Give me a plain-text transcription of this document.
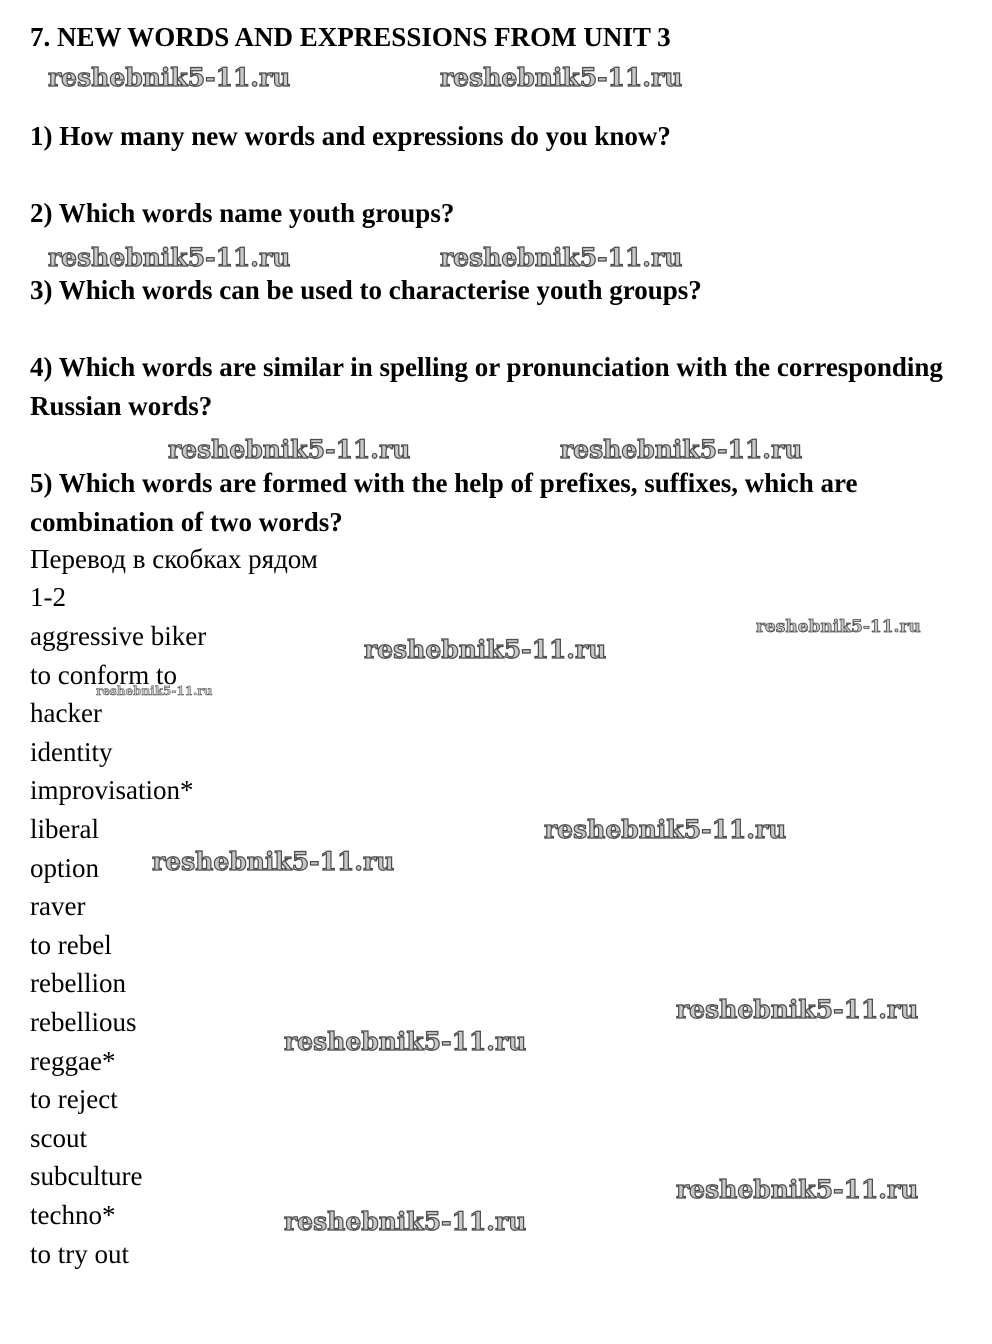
7. NEW WORDS AND EXPRESSIONS FROM UNIT 3
1) How many new words and expressions do you know?
2) Which words name youth groups?
3) Which words can be used to characterise youth groups?
4) Which words are similar in spelling or pronunciation with the corresponding Russian words?
5) Which words are formed with the help of prefixes, suffixes, which are combination of two words?
Перевод в скобках рядом
1-2
aggressive biker
to conform to
hacker
identity
improvisation*
liberal
option
raver
to rebel
rebellion
rebellious
reggae*
to reject
scout
subculture
techno*
to try out
reshebnik5-11.ru	reshebnik5-11.ru
reshebnik5-11.ru	reshebnik5-11.ru
reshebnik5-11.ru	reshebnik5-11.ru
reshebnik5-11.ru
reshebnik5-11.ru
reshebnik5-11.ru
reshebnik5-11.ru
reshebnik5-11.ru
reshebnik5-11.ru
reshebnik5-11.ru
reshebnik5-11.ru
reshebnik5-11.ru
